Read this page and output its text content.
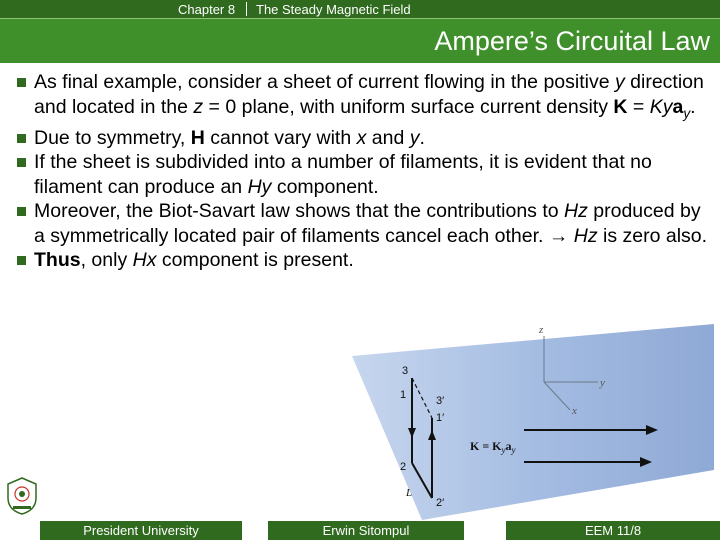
Chapter 8 The Steady Magnetic Field
Ampere’s Circuital Law
As final example, consider a sheet of current flowing in the positive y direction and located in the z = 0 plane, with uniform surface current density K = Kya$_y$.
Due to symmetry, H cannot vary with x and y.
If the sheet is subdivided into a number of filaments, it is evident that no filament can produce an Hy component.
Moreover, the Biot-Savart law shows that the contributions to Hz produced by a symmetrically located pair of filaments cancel each other. → Hz is zero also.
Thus, only Hx component is present.
z
y
x
3
3′
1
1′
2
2′
L
$K = K_ya_y$
President University	Erwin Sitompul	EEM 11/8
